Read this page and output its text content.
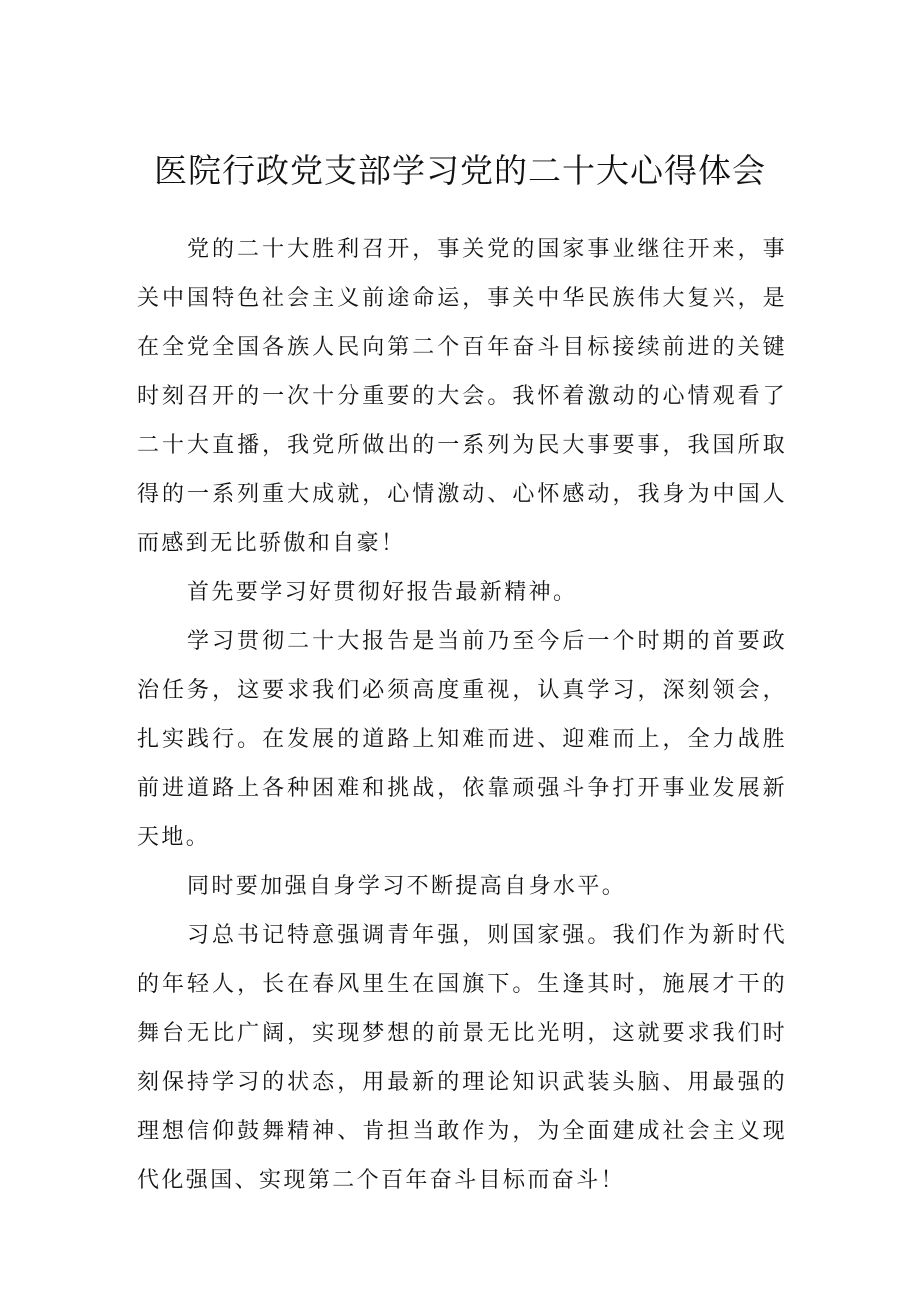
医院行政党支部学习党的二十大心得体会

党的二十大胜利召开，事关党的国家事业继往开来，事关中国特色社会主义前途命运，事关中华民族伟大复兴，是在全党全国各族人民向第二个百年奋斗目标接续前进的关键时刻召开的一次十分重要的大会。我怀着激动的心情观看了二十大直播，我党所做出的一系列为民大事要事，我国所取得的一系列重大成就，心情激动、心怀感动，我身为中国人而感到无比骄傲和自豪！

首先要学习好贯彻好报告最新精神。

学习贯彻二十大报告是当前乃至今后一个时期的首要政治任务，这要求我们必须高度重视，认真学习，深刻领会，扎实践行。在发展的道路上知难而进、迎难而上，全力战胜前进道路上各种困难和挑战，依靠顽强斗争打开事业发展新天地。

同时要加强自身学习不断提高自身水平。

习总书记特意强调青年强，则国家强。我们作为新时代的年轻人，长在春风里生在国旗下。生逢其时，施展才干的舞台无比广阔，实现梦想的前景无比光明，这就要求我们时刻保持学习的状态，用最新的理论知识武装头脑、用最强的理想信仰鼓舞精神、肯担当敢作为，为全面建成社会主义现代化强国、实现第二个百年奋斗目标而奋斗！
